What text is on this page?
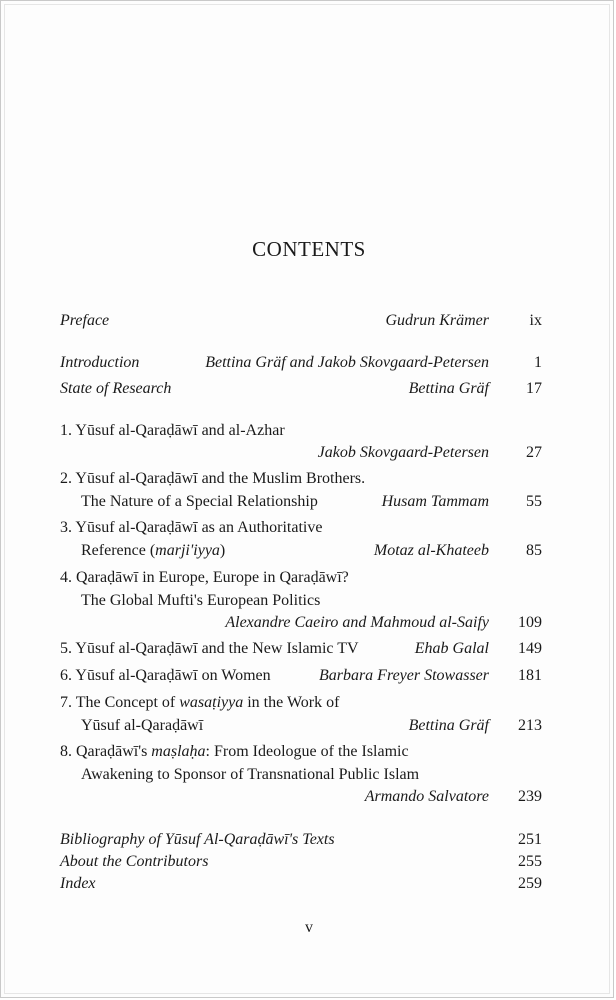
CONTENTS
Preface	Gudrun Krämer	ix
Introduction	Bettina Gräf and Jakob Skovgaard-Petersen	1
State of Research	Bettina Gräf	17
1. Yūsuf al-Qaraḍāwī and al-Azhar
Jakob Skovgaard-Petersen	27
2. Yūsuf al-Qaraḍāwī and the Muslim Brothers.
The Nature of a Special Relationship	Husam Tammam	55
3. Yūsuf al-Qaraḍāwī as an Authoritative
Reference (marji'iyya)	Motaz al-Khateeb	85
4. Qaraḍāwī in Europe, Europe in Qaraḍāwī?
The Global Mufti's European Politics
Alexandre Caeiro and Mahmoud al-Saify	109
5. Yūsuf al-Qaraḍāwī and the New Islamic TV	Ehab Galal	149
6. Yūsuf al-Qaraḍāwī on Women	Barbara Freyer Stowasser	181
7. The Concept of wasaṭiyya in the Work of
Yūsuf al-Qaraḍāwī	Bettina Gräf	213
8. Qaraḍāwī's maṣlaḥa: From Ideologue of the Islamic
Awakening to Sponsor of Transnational Public Islam
Armando Salvatore	239
Bibliography of Yūsuf Al-Qaraḍāwī's Texts	251
About the Contributors	255
Index	259
v
